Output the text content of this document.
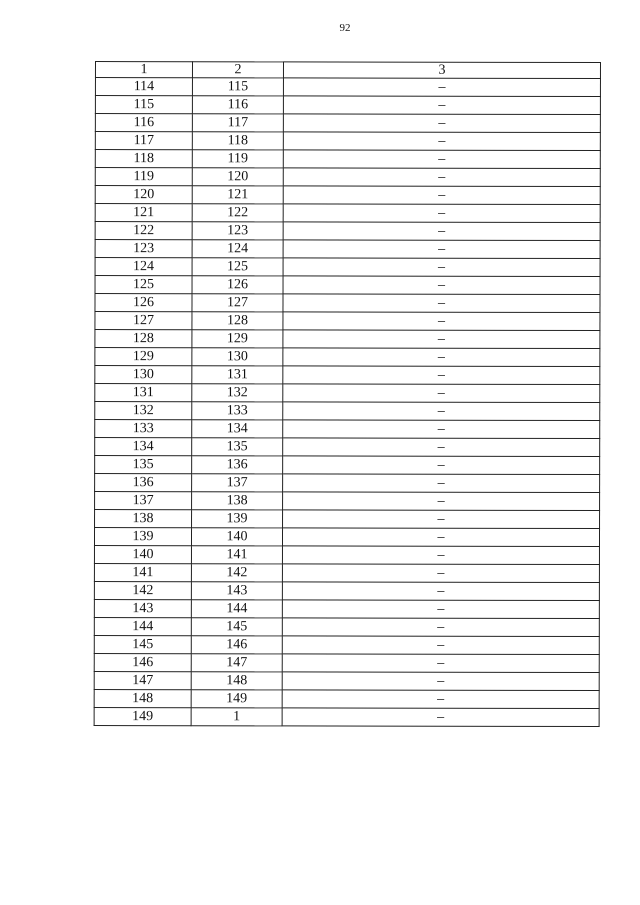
92
1	2	3
114	115	–
115	116	–
116	117	–
117	118	–
118	119	–
119	120	–
120	121	–
121	122	–
122	123	–
123	124	–
124	125	–
125	126	–
126	127	–
127	128	–
128	129	–
129	130	–
130	131	–
131	132	–
132	133	–
133	134	–
134	135	–
135	136	–
136	137	–
137	138	–
138	139	–
139	140	–
140	141	–
141	142	–
142	143	–
143	144	–
144	145	–
145	146	–
146	147	–
147	148	–
148	149	–
149	1	–
